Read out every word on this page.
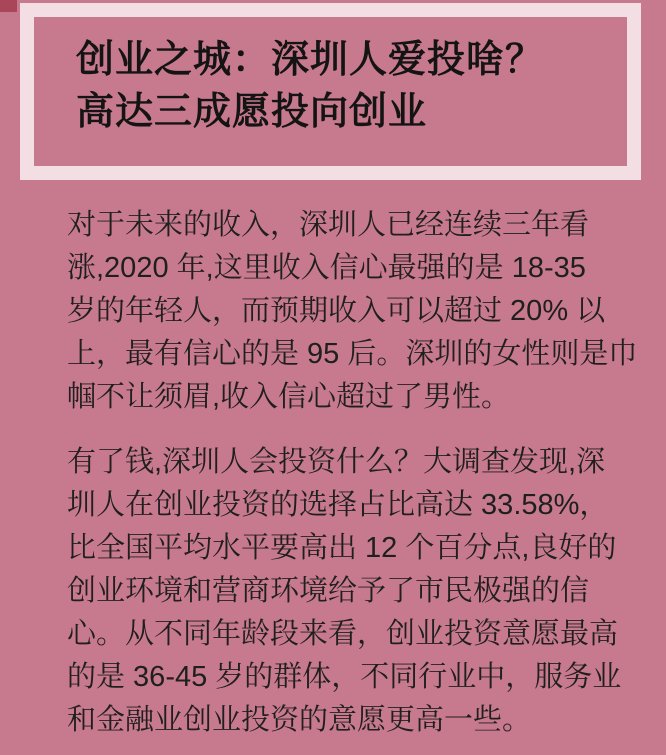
创业之城：深圳人爱投啥？
高达三成愿投向创业
对于未来的收入，深圳人已经连续三年看
涨,2020 年,这里收入信心最强的是 18-35
岁的年轻人，而预期收入可以超过 20% 以
上，最有信心的是 95 后。深圳的女性则是巾
帼不让须眉,收入信心超过了男性。
有了钱,深圳人会投资什么？大调查发现,深
圳人在创业投资的选择占比高达 33.58%，
比全国平均水平要高出 12 个百分点,良好的
创业环境和营商环境给予了市民极强的信
心。从不同年龄段来看，创业投资意愿最高
的是 36-45 岁的群体，不同行业中，服务业
和金融业创业投资的意愿更高一些。
